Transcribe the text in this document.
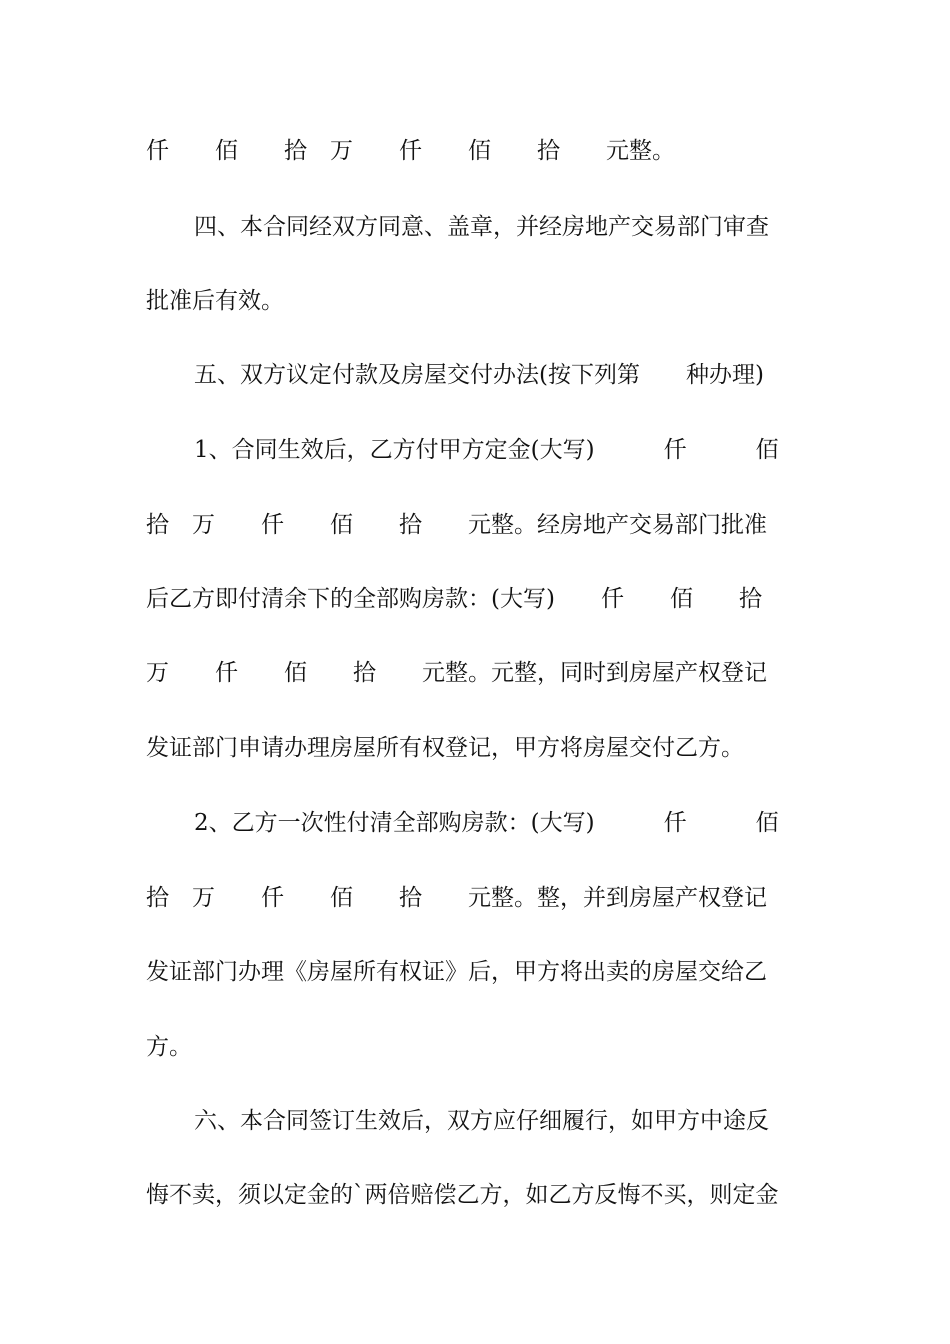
仟　　佰　　拾　万　　仟　　佰　　拾　　元整。
四、本合同经双方同意、盖章，并经房地产交易部门审查
批准后有效。
五、双方议定付款及房屋交付办法(按下列第　　种办理)
1、合同生效后，乙方付甲方定金(大写)　　　仟　　　佰
拾　万　　仟　　佰　　拾　　元整。经房地产交易部门批准
后乙方即付清余下的全部购房款：(大写)　　仟　　佰　　拾
万　　仟　　佰　　拾　　元整。元整，同时到房屋产权登记
发证部门申请办理房屋所有权登记，甲方将房屋交付乙方。
2、乙方一次性付清全部购房款：(大写)　　　仟　　　佰
拾　万　　仟　　佰　　拾　　元整。整，并到房屋产权登记
发证部门办理《房屋所有权证》后，甲方将出卖的房屋交给乙
方。
六、本合同签订生效后，双方应仔细履行，如甲方中途反
悔不卖，须以定金的`两倍赔偿乙方，如乙方反悔不买，则定金
